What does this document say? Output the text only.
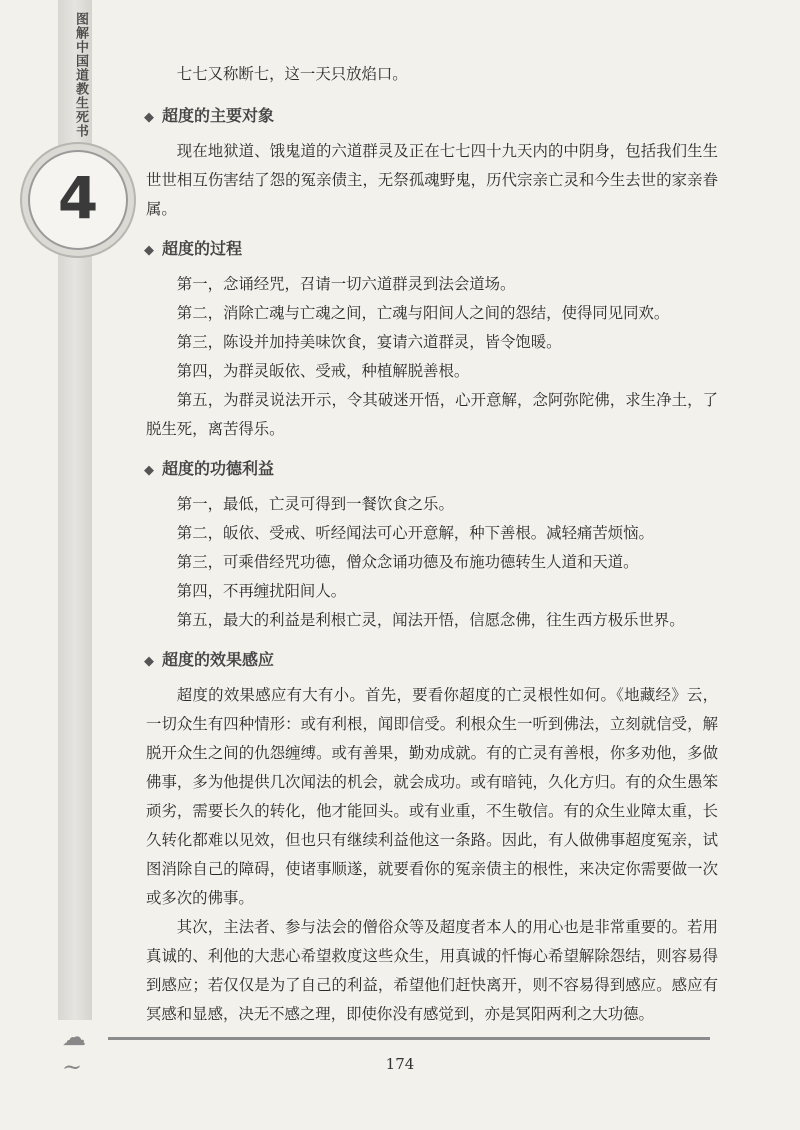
图解中国道教生死书
4

七七又称断七，这一天只放焰口。

◆ 超度的主要对象

现在地狱道、饿鬼道的六道群灵及正在七七四十九天内的中阴身，包括我们生生世世相互伤害结了怨的冤亲债主，无祭孤魂野鬼，历代宗亲亡灵和今生去世的家亲眷属。

◆ 超度的过程

第一，念诵经咒，召请一切六道群灵到法会道场。

第二，消除亡魂与亡魂之间，亡魂与阳间人之间的怨结，使得同见同欢。

第三，陈设并加持美味饮食，宴请六道群灵，皆令饱暖。

第四，为群灵皈依、受戒，种植解脱善根。

第五，为群灵说法开示，令其破迷开悟，心开意解，念阿弥陀佛，求生净土，了脱生死，离苦得乐。

◆ 超度的功德利益

第一，最低，亡灵可得到一餐饮食之乐。

第二，皈依、受戒、听经闻法可心开意解，种下善根。减轻痛苦烦恼。

第三，可乘借经咒功德，僧众念诵功德及布施功德转生人道和天道。

第四，不再缠扰阳间人。

第五，最大的利益是利根亡灵，闻法开悟，信愿念佛，往生西方极乐世界。

◆ 超度的效果感应

超度的效果感应有大有小。首先，要看你超度的亡灵根性如何。《地藏经》云，一切众生有四种情形：或有利根，闻即信受。利根众生一听到佛法，立刻就信受，解脱开众生之间的仇怨缠缚。或有善果，勤劝成就。有的亡灵有善根，你多劝他，多做佛事，多为他提供几次闻法的机会，就会成功。或有暗钝，久化方归。有的众生愚笨顽劣，需要长久的转化，他才能回头。或有业重，不生敬信。有的众生业障太重，长久转化都难以见效，但也只有继续利益他这一条路。因此，有人做佛事超度冤亲，试图消除自己的障碍，使诸事顺遂，就要看你的冤亲债主的根性，来决定你需要做一次或多次的佛事。

其次，主法者、参与法会的僧俗众等及超度者本人的用心也是非常重要的。若用真诚的、利他的大悲心希望救度这些众生，用真诚的忏悔心希望解除怨结，则容易得到感应；若仅仅是为了自己的利益，希望他们赶快离开，则不容易得到感应。感应有冥感和显感，决无不感之理，即使你没有感觉到，亦是冥阳两利之大功德。

☁︎~	174
